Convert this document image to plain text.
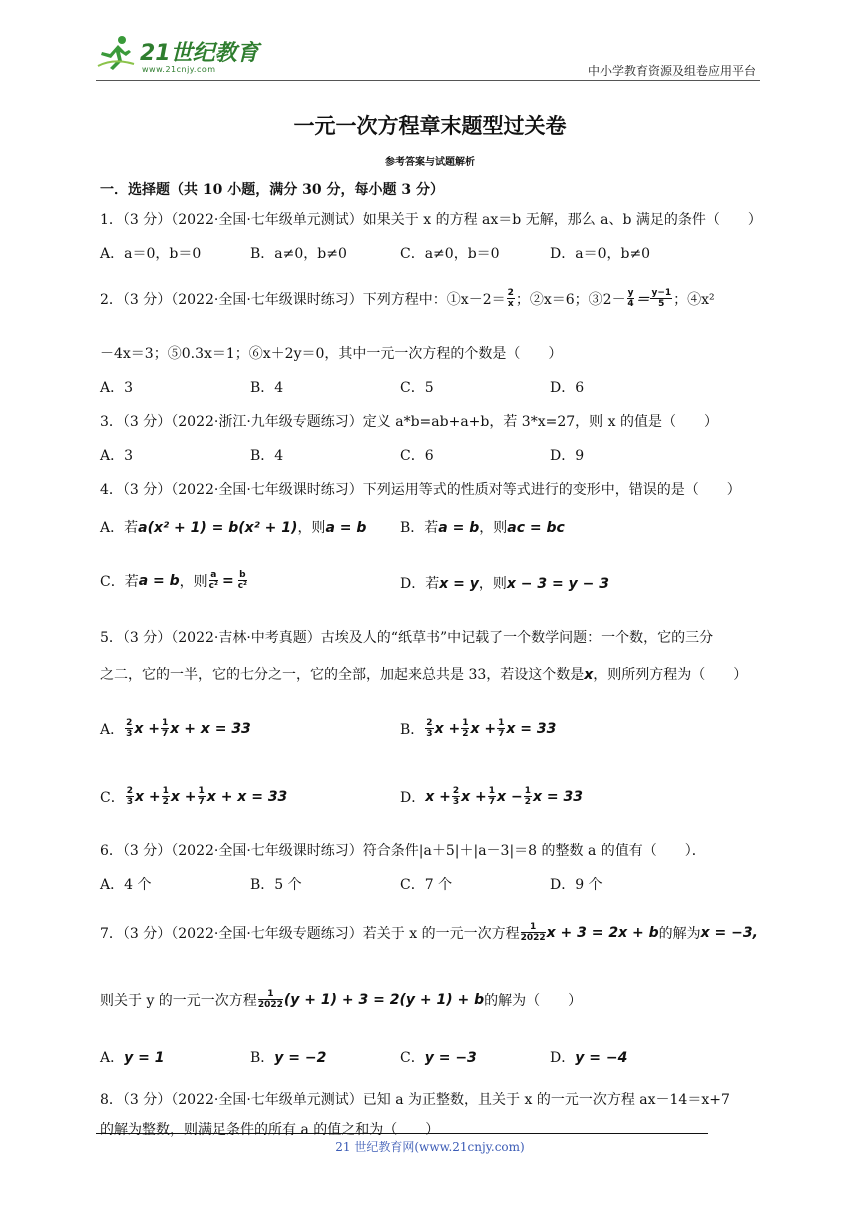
21世纪教育
www.21cnjy.com	中小学教育资源及组卷应用平台
一元一次方程章末题型过关卷
参考答案与试题解析
一．选择题（共 10 小题，满分 30 分，每小题 3 分）
1．（3 分）（2022·全国·七年级单元测试）如果关于 x 的方程 ax＝b 无解，那么 a、b 满足的条件（　　）
A．a＝0，b＝0	B．a≠0，b≠0	C．a≠0，b＝0	D．a＝0，b≠0
2．（3 分）（2022·全国·七年级课时练习）下列方程中：①x－2＝ $\frac{2}{x}$ ；②x＝6；③2－ $\frac{y}{4} = \frac{y-1}{5}$ ；④x²
－4x＝3；⑤0.3x＝1；⑥x＋2y＝0，其中一元一次方程的个数是（　　）
A．3	B．4	C．5	D．6
3．（3 分）（2022·浙江·九年级专题练习）定义 a*b=ab+a+b，若 3*x=27，则 x 的值是（　　）
A．3	B．4	C．6	D．9
4．（3 分）（2022·全国·七年级课时练习）下列运用等式的性质对等式进行的变形中，错误的是（　　）
A．若a(x² + 1) = b(x² + 1)，则a = b B．若a = b，则ac = bc
C．若 a = b ，则 $\frac{a}{\text{c²}} = \frac{b}{\text{c²}}$	D．若x = y，则x − 3 = y − 3
5．（3 分）（2022·吉林·中考真题）古埃及人的“纸草书”中记载了一个数学问题：一个数，它的三分
之二，它的一半，它的七分之一，它的全部，加起来总共是 33，若设这个数是x，则所列方程为（　　）
A． $\frac{2}{3}$ $x + \frac{1}{7}$ x + x = 33	B． $\frac{2}{3}$ $x + \frac{1}{2}$ $x + \frac{1}{7}$ x = 33
C． $\frac{2}{3}$ $x + \frac{1}{2}$ $x + \frac{1}{7}$ x + x = 33	D． $x + \frac{2}{3}$ $x + \frac{1}{7}$ $x - \frac{1}{2}$ x = 33
6．（3 分）（2022·全国·七年级课时练习）符合条件|a＋5|＋|a－3|＝8 的整数 a 的值有（　　）．
A．4 个	B．5 个	C．7 个	D．9 个
7．（3 分）（2022·全国·七年级专题练习）若关于 x 的一元一次方程 $\frac{1}{2022}$ x + 3 = 2x + b 的解为 x = −3,
则关于 y 的一元一次方程 $\frac{1}{2022} (y + 1) + 3 = 2(y + 1) + b$ 的解为（　　）
A．y = 1	B．y = −2	C．y = −3	D．y = −4
8．（3 分）（2022·全国·七年级单元测试）已知 a 为正整数，且关于 x 的一元一次方程 ax－14＝x+7
的解为整数，则满足条件的所有 a 的值之和为（　　）
21 世纪教育网(www.21cnjy.com)
